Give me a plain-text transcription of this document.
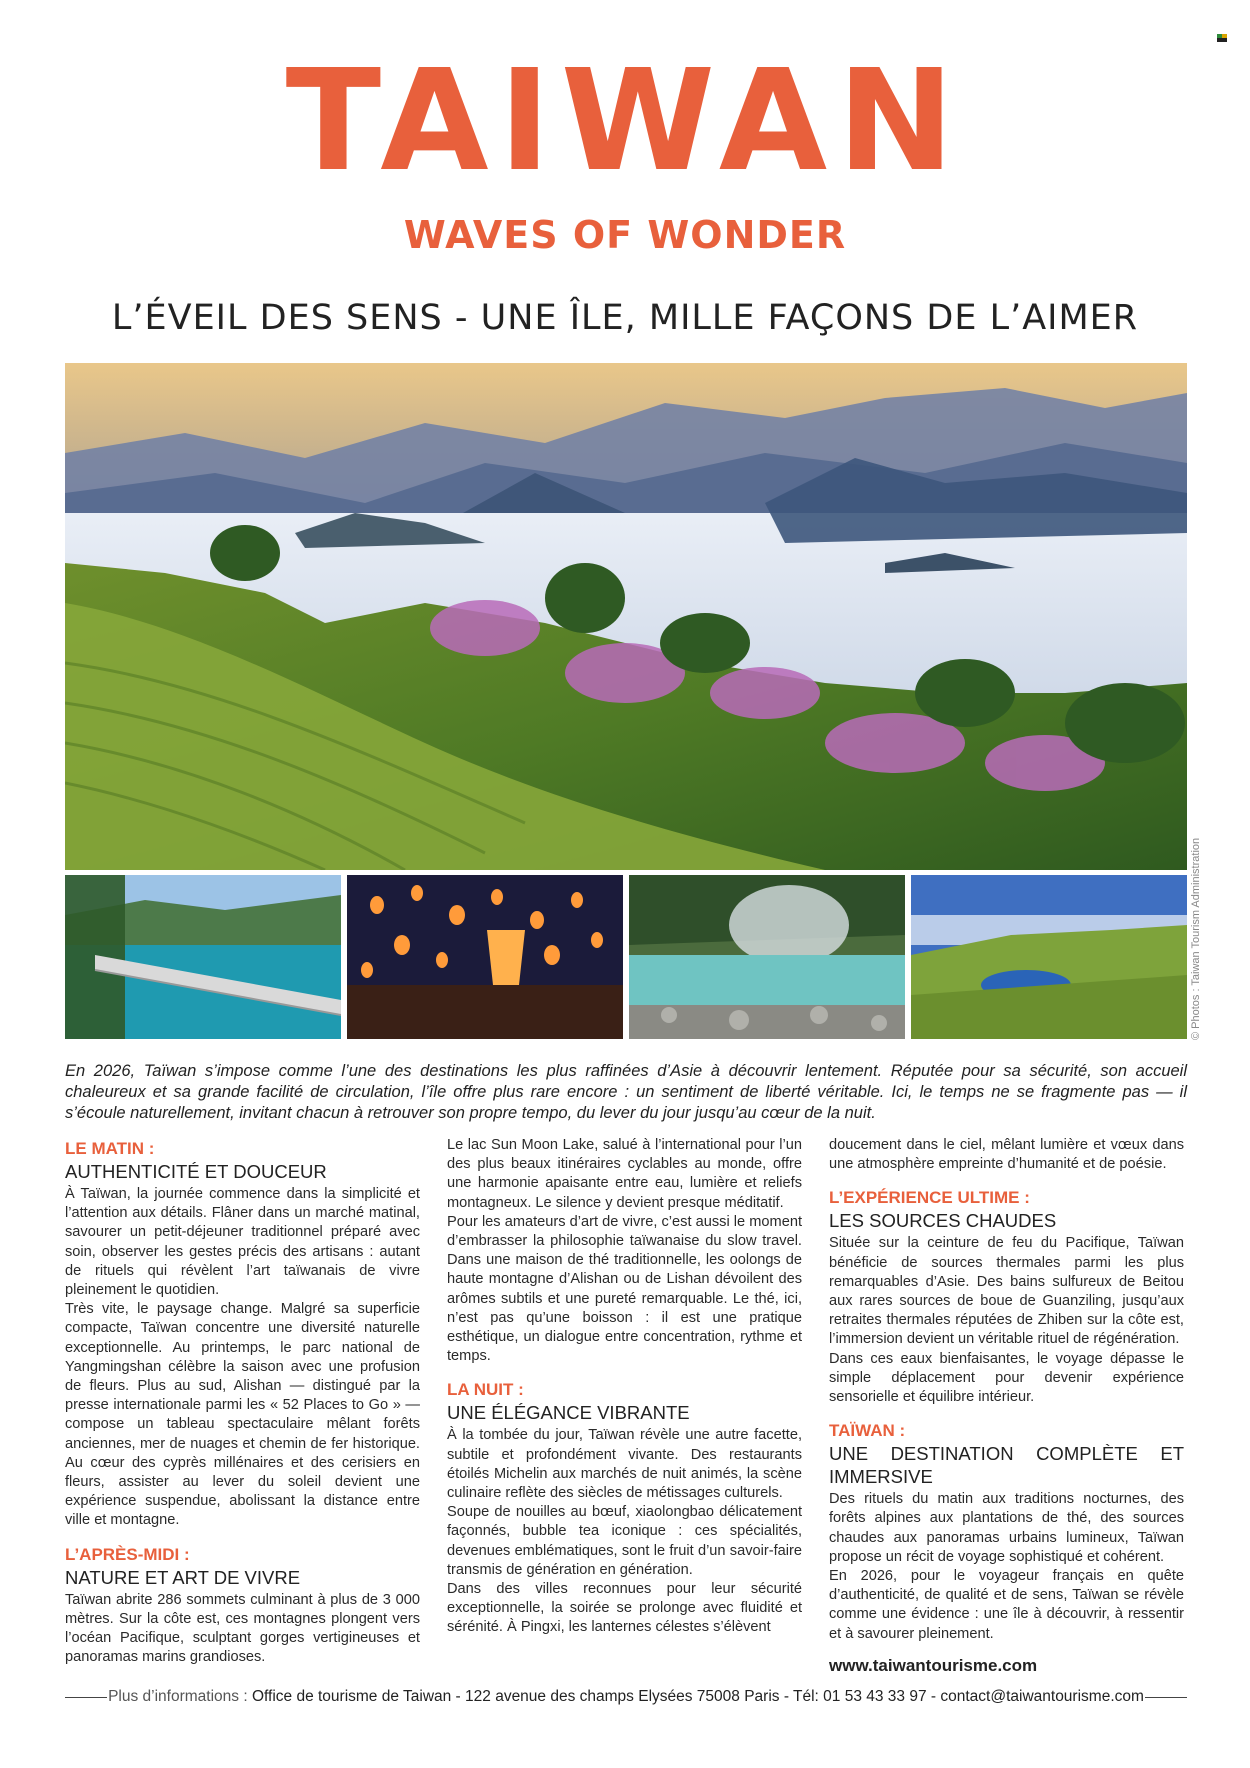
TAIWAN
WAVES OF WONDER
L’ÉVEIL DES SENS - UNE ÎLE, MILLE FAÇONS DE L’AIMER
© Photos : Taiwan Tourism Administration
En 2026, Taïwan s’impose comme l’une des destinations les plus raffinées d’Asie à découvrir lentement. Réputée pour sa sécurité, son accueil chaleureux et sa grande facilité de circulation, l’île offre plus rare encore : un sentiment de liberté véritable. Ici, le temps ne se fragmente pas — il s’écoule naturellement, invitant chacun à retrouver son propre tempo, du lever du jour jusqu’au cœur de la nuit.
LE MATIN :
AUTHENTICITÉ ET DOUCEUR

À Taïwan, la journée commence dans la simplicité et l’attention aux détails. Flâner dans un marché matinal, savourer un petit-déjeuner traditionnel préparé avec soin, observer les gestes précis des artisans : autant de rituels qui révèlent l’art taïwanais de vivre pleinement le quotidien.

Très vite, le paysage change. Malgré sa superficie compacte, Taïwan concentre une diversité naturelle exceptionnelle. Au printemps, le parc national de Yangmingshan célèbre la saison avec une profusion de fleurs. Plus au sud, Alishan — distingué par la presse internationale parmi les « 52 Places to Go » — compose un tableau spectaculaire mêlant forêts anciennes, mer de nuages et chemin de fer historique. Au cœur des cyprès millénaires et des cerisiers en fleurs, assister au lever du soleil devient une expérience suspendue, abolissant la distance entre ville et montagne.

L’APRÈS-MIDI :
NATURE ET ART DE VIVRE

Taïwan abrite 286 sommets culminant à plus de 3 000 mètres. Sur la côte est, ces montagnes plongent vers l’océan Pacifique, sculptant gorges vertigineuses et panoramas marins grandioses.

Le lac Sun Moon Lake, salué à l’international pour l’un des plus beaux itinéraires cyclables au monde, offre une harmonie apaisante entre eau, lumière et reliefs montagneux. Le silence y devient presque méditatif.

Pour les amateurs d’art de vivre, c’est aussi le moment d’embrasser la philosophie taïwanaise du slow travel. Dans une maison de thé traditionnelle, les oolongs de haute montagne d’Alishan ou de Lishan dévoilent des arômes subtils et une pureté remarquable. Le thé, ici, n’est pas qu’une boisson : il est une pratique esthétique, un dialogue entre concentration, rythme et temps.

LA NUIT :
UNE ÉLÉGANCE VIBRANTE

À la tombée du jour, Taïwan révèle une autre facette, subtile et profondément vivante. Des restaurants étoilés Michelin aux marchés de nuit animés, la scène culinaire reflète des siècles de métissages culturels.

Soupe de nouilles au bœuf, xiaolongbao délicatement façonnés, bubble tea iconique : ces spécialités, devenues emblématiques, sont le fruit d’un savoir-faire transmis de génération en génération.

Dans des villes reconnues pour leur sécurité exceptionnelle, la soirée se prolonge avec fluidité et sérénité. À Pingxi, les lanternes célestes s’élèvent

doucement dans le ciel, mêlant lumière et vœux dans une atmosphère empreinte d’humanité et de poésie.

L’EXPÉRIENCE ULTIME :
LES SOURCES CHAUDES

Située sur la ceinture de feu du Pacifique, Taïwan bénéficie de sources thermales parmi les plus remarquables d’Asie. Des bains sulfureux de Beitou aux rares sources de boue de Guanziling, jusqu’aux retraites thermales réputées de Zhiben sur la côte est, l’immersion devient un véritable rituel de régénération.

Dans ces eaux bienfaisantes, le voyage dépasse le simple déplacement pour devenir expérience sensorielle et équilibre intérieur.

TAÏWAN :
UNE DESTINATION COMPLÈTE ET IMMERSIVE

Des rituels du matin aux traditions nocturnes, des forêts alpines aux plantations de thé, des sources chaudes aux panoramas urbains lumineux, Taïwan propose un récit de voyage sophistiqué et cohérent.

En 2026, pour le voyageur français en quête d’authenticité, de qualité et de sens, Taïwan se révèle comme une évidence : une île à découvrir, à ressentir et à savourer pleinement.

www.taiwantourisme.com
Plus d’informations : Office de tourisme de Taiwan - 122 avenue des champs Elysées 75008 Paris - Tél: 01 53 43 33 97 - contact@taiwantourisme.com
